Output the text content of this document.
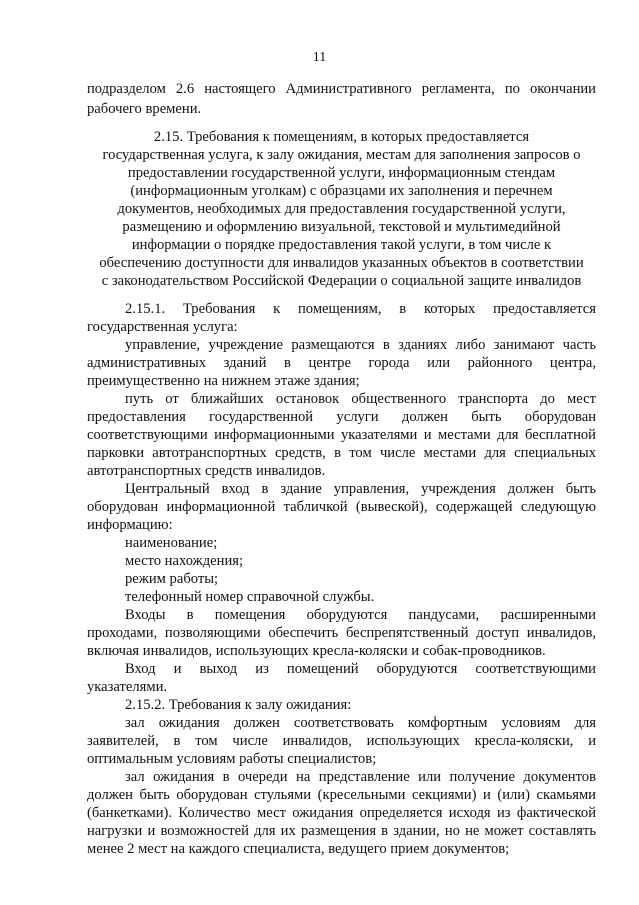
11
подразделом 2.6 настоящего Административного регламента, по окончании
рабочего времени.
2.15. Требования к помещениям, в которых предоставляется
государственная услуга, к залу ожидания, местам для заполнения запросов о
предоставлении государственной услуги, информационным стендам
(информационным уголкам) с образцами их заполнения и перечнем
документов, необходимых для предоставления государственной услуги,
размещению и оформлению визуальной, текстовой и мультимедийной
информации о порядке предоставления такой услуги, в том числе к
обеспечению доступности для инвалидов указанных объектов в соответствии
с законодательством Российской Федерации о социальной защите инвалидов
2.15.1. Требования к помещениям, в которых предоставляется
государственная услуга:
управление, учреждение размещаются в зданиях либо занимают часть
административных зданий в центре города или районного центра,
преимущественно на нижнем этаже здания;
путь от ближайших остановок общественного транспорта до мест
предоставления государственной услуги должен быть оборудован
соответствующими информационными указателями и местами для бесплатной
парковки автотранспортных средств, в том числе местами для специальных
автотранспортных средств инвалидов.
Центральный вход в здание управления, учреждения должен быть
оборудован информационной табличкой (вывеской), содержащей следующую
информацию:
наименование;
место нахождения;
режим работы;
телефонный номер справочной службы.
Входы в помещения оборудуются пандусами, расширенными
проходами, позволяющими обеспечить беспрепятственный доступ инвалидов,
включая инвалидов, использующих кресла-коляски и собак-проводников.
Вход и выход из помещений оборудуются соответствующими
указателями.
2.15.2. Требования к залу ожидания:
зал ожидания должен соответствовать комфортным условиям для
заявителей, в том числе инвалидов, использующих кресла-коляски, и
оптимальным условиям работы специалистов;
зал ожидания в очереди на представление или получение документов
должен быть оборудован стульями (кресельными секциями) и (или) скамьями
(банкетками). Количество мест ожидания определяется исходя из фактической
нагрузки и возможностей для их размещения в здании, но не может составлять
менее 2 мест на каждого специалиста, ведущего прием документов;
